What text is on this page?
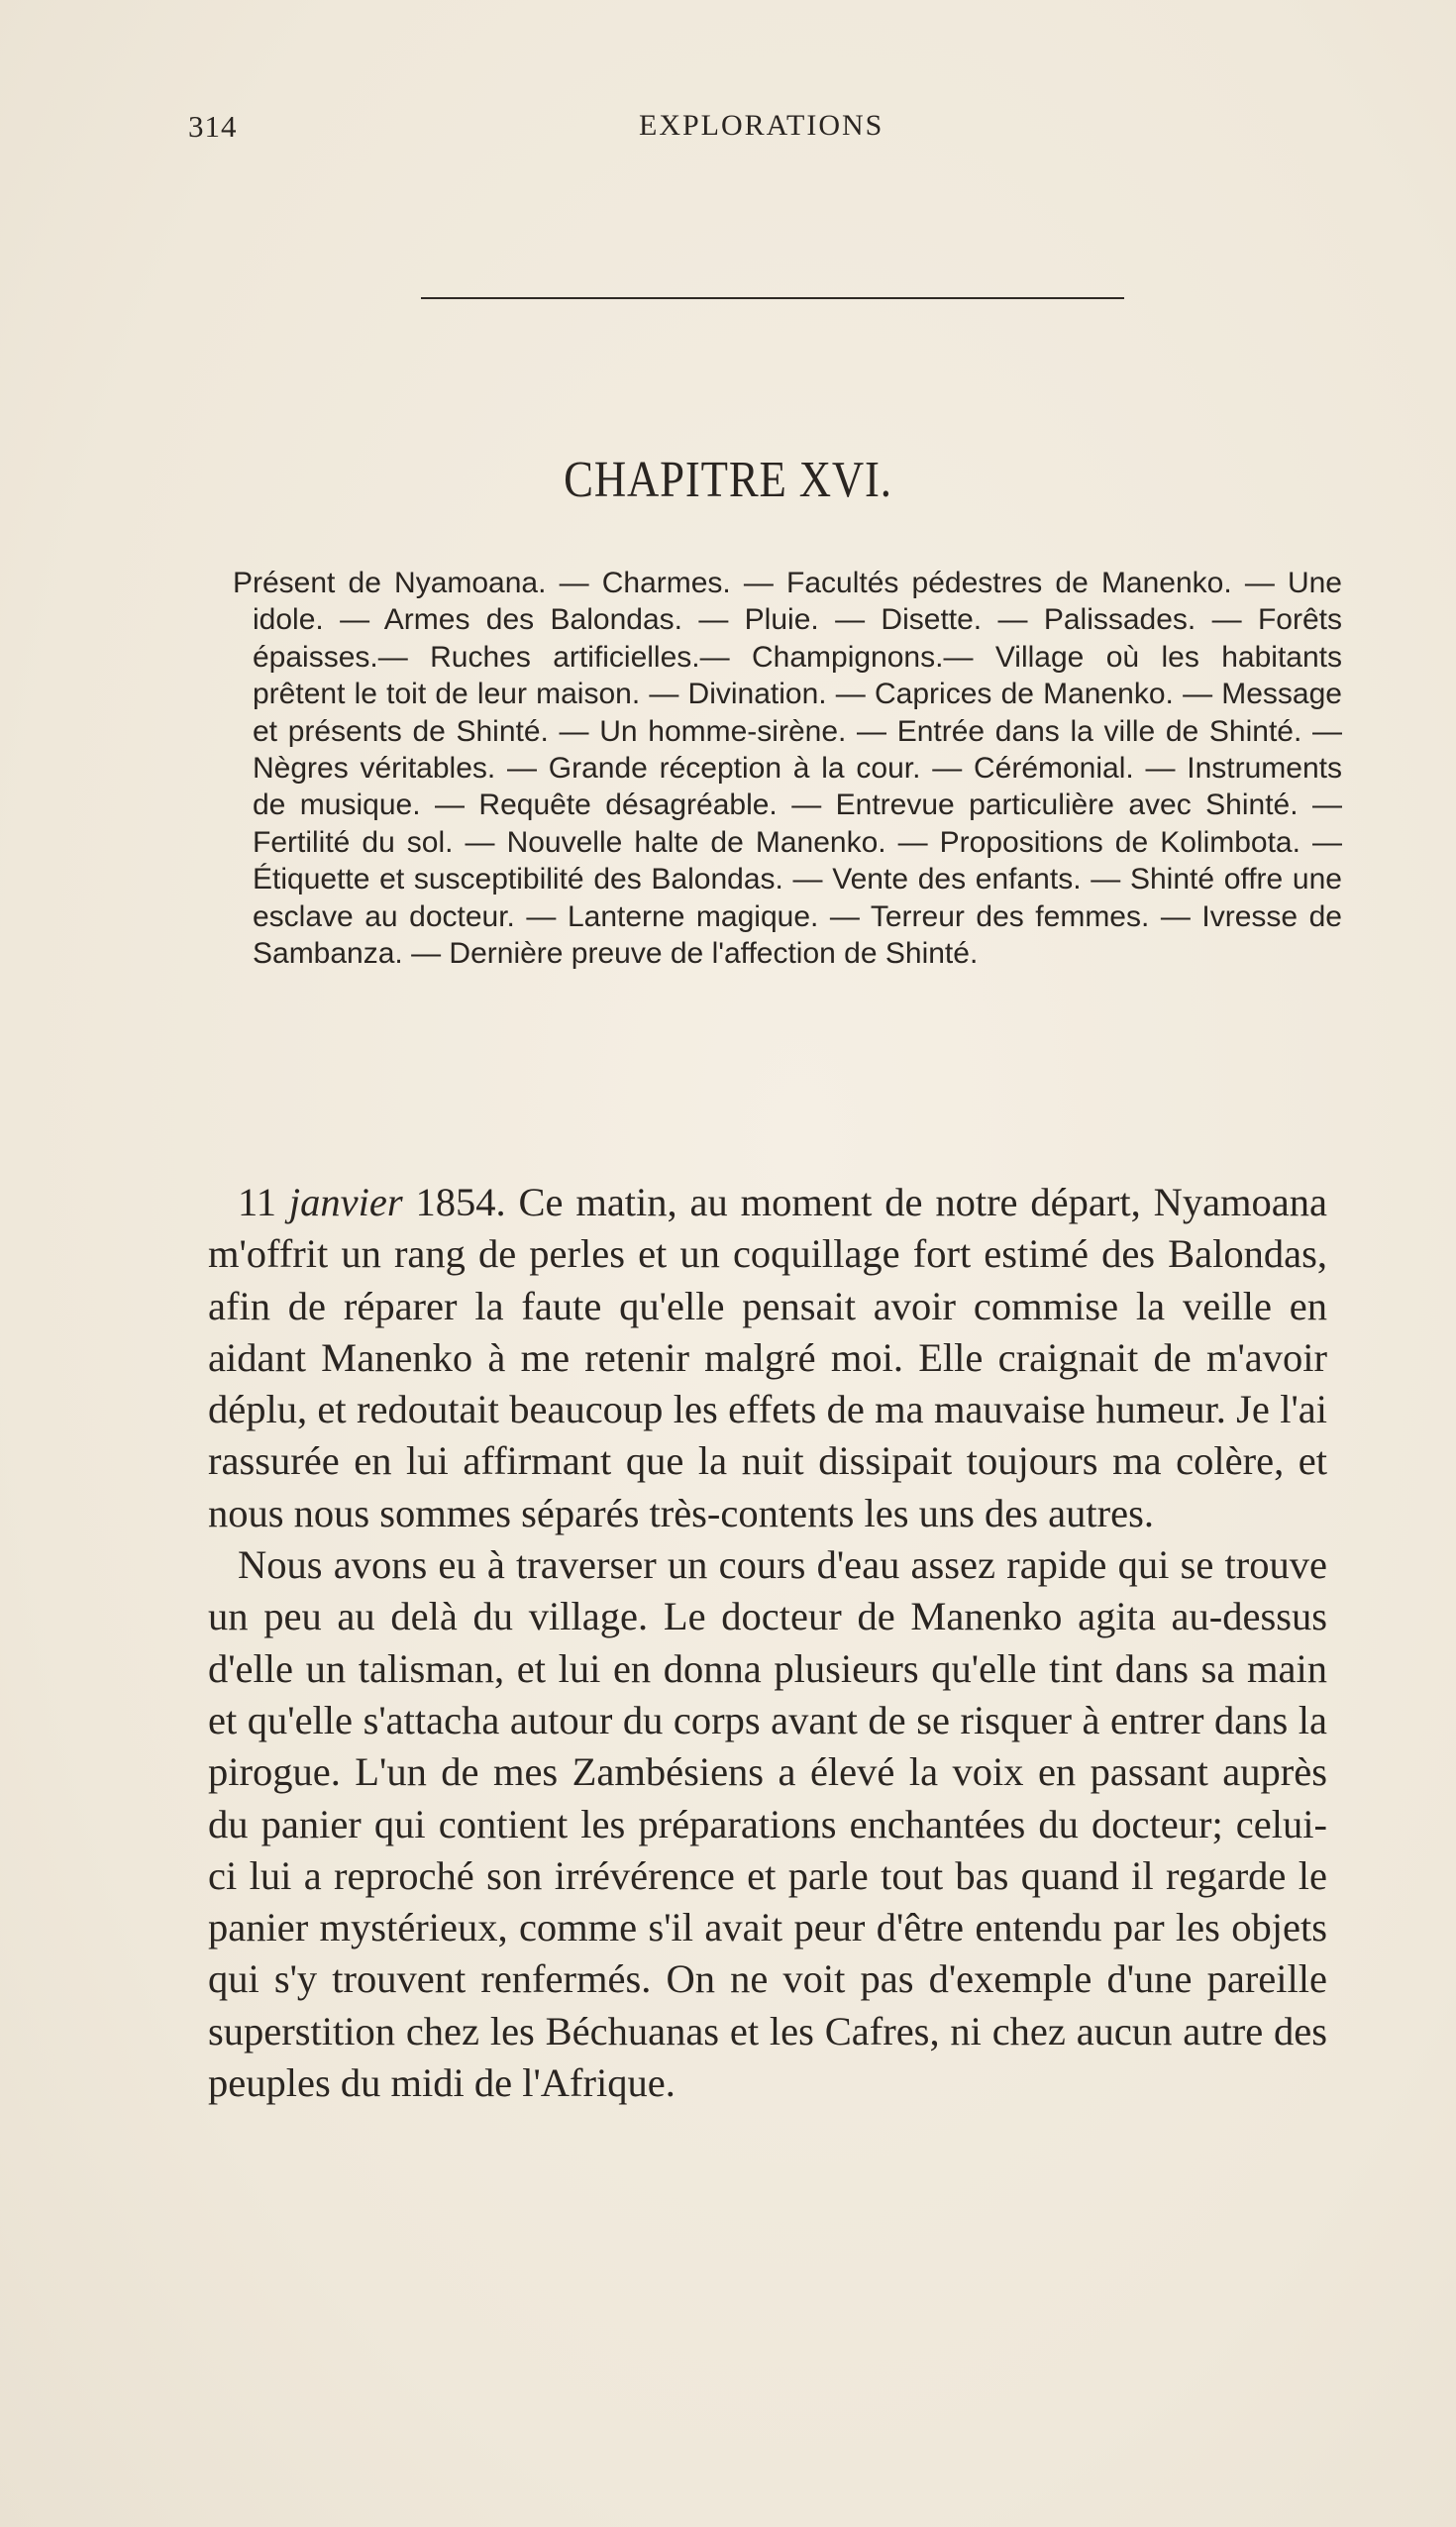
314	EXPLORATIONS
CHAPITRE XVI.
Présent de Nyamoana. — Charmes. — Facultés pédestres de Manenko. — Une idole. — Armes des Balondas. — Pluie. — Disette. — Palissades. — Forêts épaisses.— Ruches artificielles.— Champignons.— Village où les habitants prêtent le toit de leur maison. — Divination. — Caprices de Manenko. — Message et présents de Shinté. — Un homme-sirène. — Entrée dans la ville de Shinté. — Nègres véritables. — Grande réception à la cour. — Cérémonial. — Instruments de musique. — Requête désagréable. — Entrevue particulière avec Shinté. — Fertilité du sol. — Nouvelle halte de Manenko. — Propositions de Kolimbota. — Étiquette et susceptibilité des Balondas. — Vente des enfants. — Shinté offre une esclave au docteur. — Lanterne magique. — Terreur des femmes. — Ivresse de Sambanza. — Dernière preuve de l'affection de Shinté.

11 janvier 1854. Ce matin, au moment de notre départ, Nyamoana m'offrit un rang de perles et un coquillage fort estimé des Balondas, afin de réparer la faute qu'elle pensait avoir commise la veille en aidant Manenko à me retenir malgré moi. Elle craignait de m'avoir déplu, et redoutait beaucoup les effets de ma mauvaise humeur. Je l'ai rassurée en lui affirmant que la nuit dissipait toujours ma colère, et nous nous sommes séparés très-contents les uns des autres.

Nous avons eu à traverser un cours d'eau assez rapide qui se trouve un peu au delà du village. Le docteur de Manenko agita au-dessus d'elle un talisman, et lui en donna plusieurs qu'elle tint dans sa main et qu'elle s'attacha autour du corps avant de se risquer à entrer dans la pirogue. L'un de mes Zambésiens a élevé la voix en passant auprès du panier qui contient les préparations enchantées du docteur; celui-ci lui a reproché son irrévérence et parle tout bas quand il regarde le panier mystérieux, comme s'il avait peur d'être entendu par les objets qui s'y trouvent renfermés. On ne voit pas d'exemple d'une pareille superstition chez les Béchuanas et les Cafres, ni chez aucun autre des peuples du midi de l'Afrique.
